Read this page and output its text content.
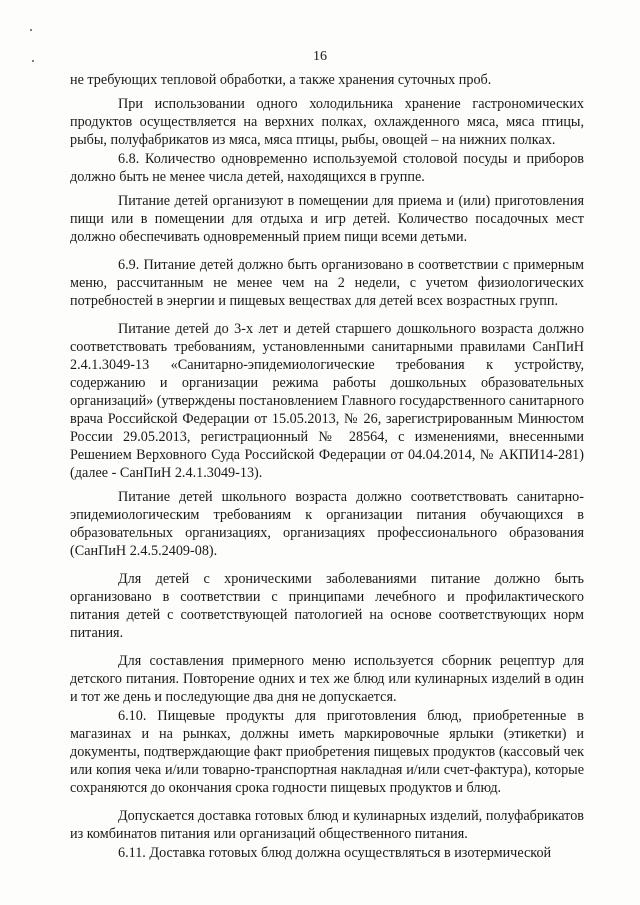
16

не требующих тепловой обработки, а также хранения суточных проб.

При использовании одного холодильника хранение гастрономических продуктов осуществляется на верхних полках, охлажденного мяса, мяса птицы, рыбы, полуфабрикатов из мяса, мяса птицы, рыбы, овощей – на нижних полках.

6.8. Количество одновременно используемой столовой посуды и приборов должно быть не менее числа детей, находящихся в группе.

Питание детей организуют в помещении для приема и (или) приготовления пищи или в помещении для отдыха и игр детей. Количество посадочных мест должно обеспечивать одновременный прием пищи всеми детьми.

6.9. Питание детей должно быть организовано в соответствии с примерным меню, рассчитанным не менее чем на 2 недели, с учетом физиологических потребностей в энергии и пищевых веществах для детей всех возрастных групп.

Питание детей до 3-х лет и детей старшего дошкольного возраста должно соответствовать требованиям, установленными санитарными правилами СанПиН 2.4.1.3049-13 «Санитарно-эпидемиологические требования к устройству, содержанию и организации режима работы дошкольных образовательных организаций» (утверждены постановлением Главного государственного санитарного врача Российской Федерации от 15.05.2013, № 26, зарегистрированным Минюстом России 29.05.2013, регистрационный № 28564, с изменениями, внесенными Решением Верховного Суда Российской Федерации от 04.04.2014, № АКПИ14-281) (далее - СанПиН 2.4.1.3049-13).

Питание детей школьного возраста должно соответствовать санитарно-эпидемиологическим требованиям к организации питания обучающихся в образовательных организациях, организациях профессионального образования (СанПиН 2.4.5.2409-08).

Для детей с хроническими заболеваниями питание должно быть организовано в соответствии с принципами лечебного и профилактического питания детей с соответствующей патологией на основе соответствующих норм питания.

Для составления примерного меню используется сборник рецептур для детского питания. Повторение одних и тех же блюд или кулинарных изделий в один и тот же день и последующие два дня не допускается.

6.10. Пищевые продукты для приготовления блюд, приобретенные в магазинах и на рынках, должны иметь маркировочные ярлыки (этикетки) и документы, подтверждающие факт приобретения пищевых продуктов (кассовый чек или копия чека и/или товарно-транспортная накладная и/или счет-фактура), которые сохраняются до окончания срока годности пищевых продуктов и блюд.

Допускается доставка готовых блюд и кулинарных изделий, полуфабрикатов из комбинатов питания или организаций общественного питания.

6.11. Доставка готовых блюд должна осуществляться в изотермической
